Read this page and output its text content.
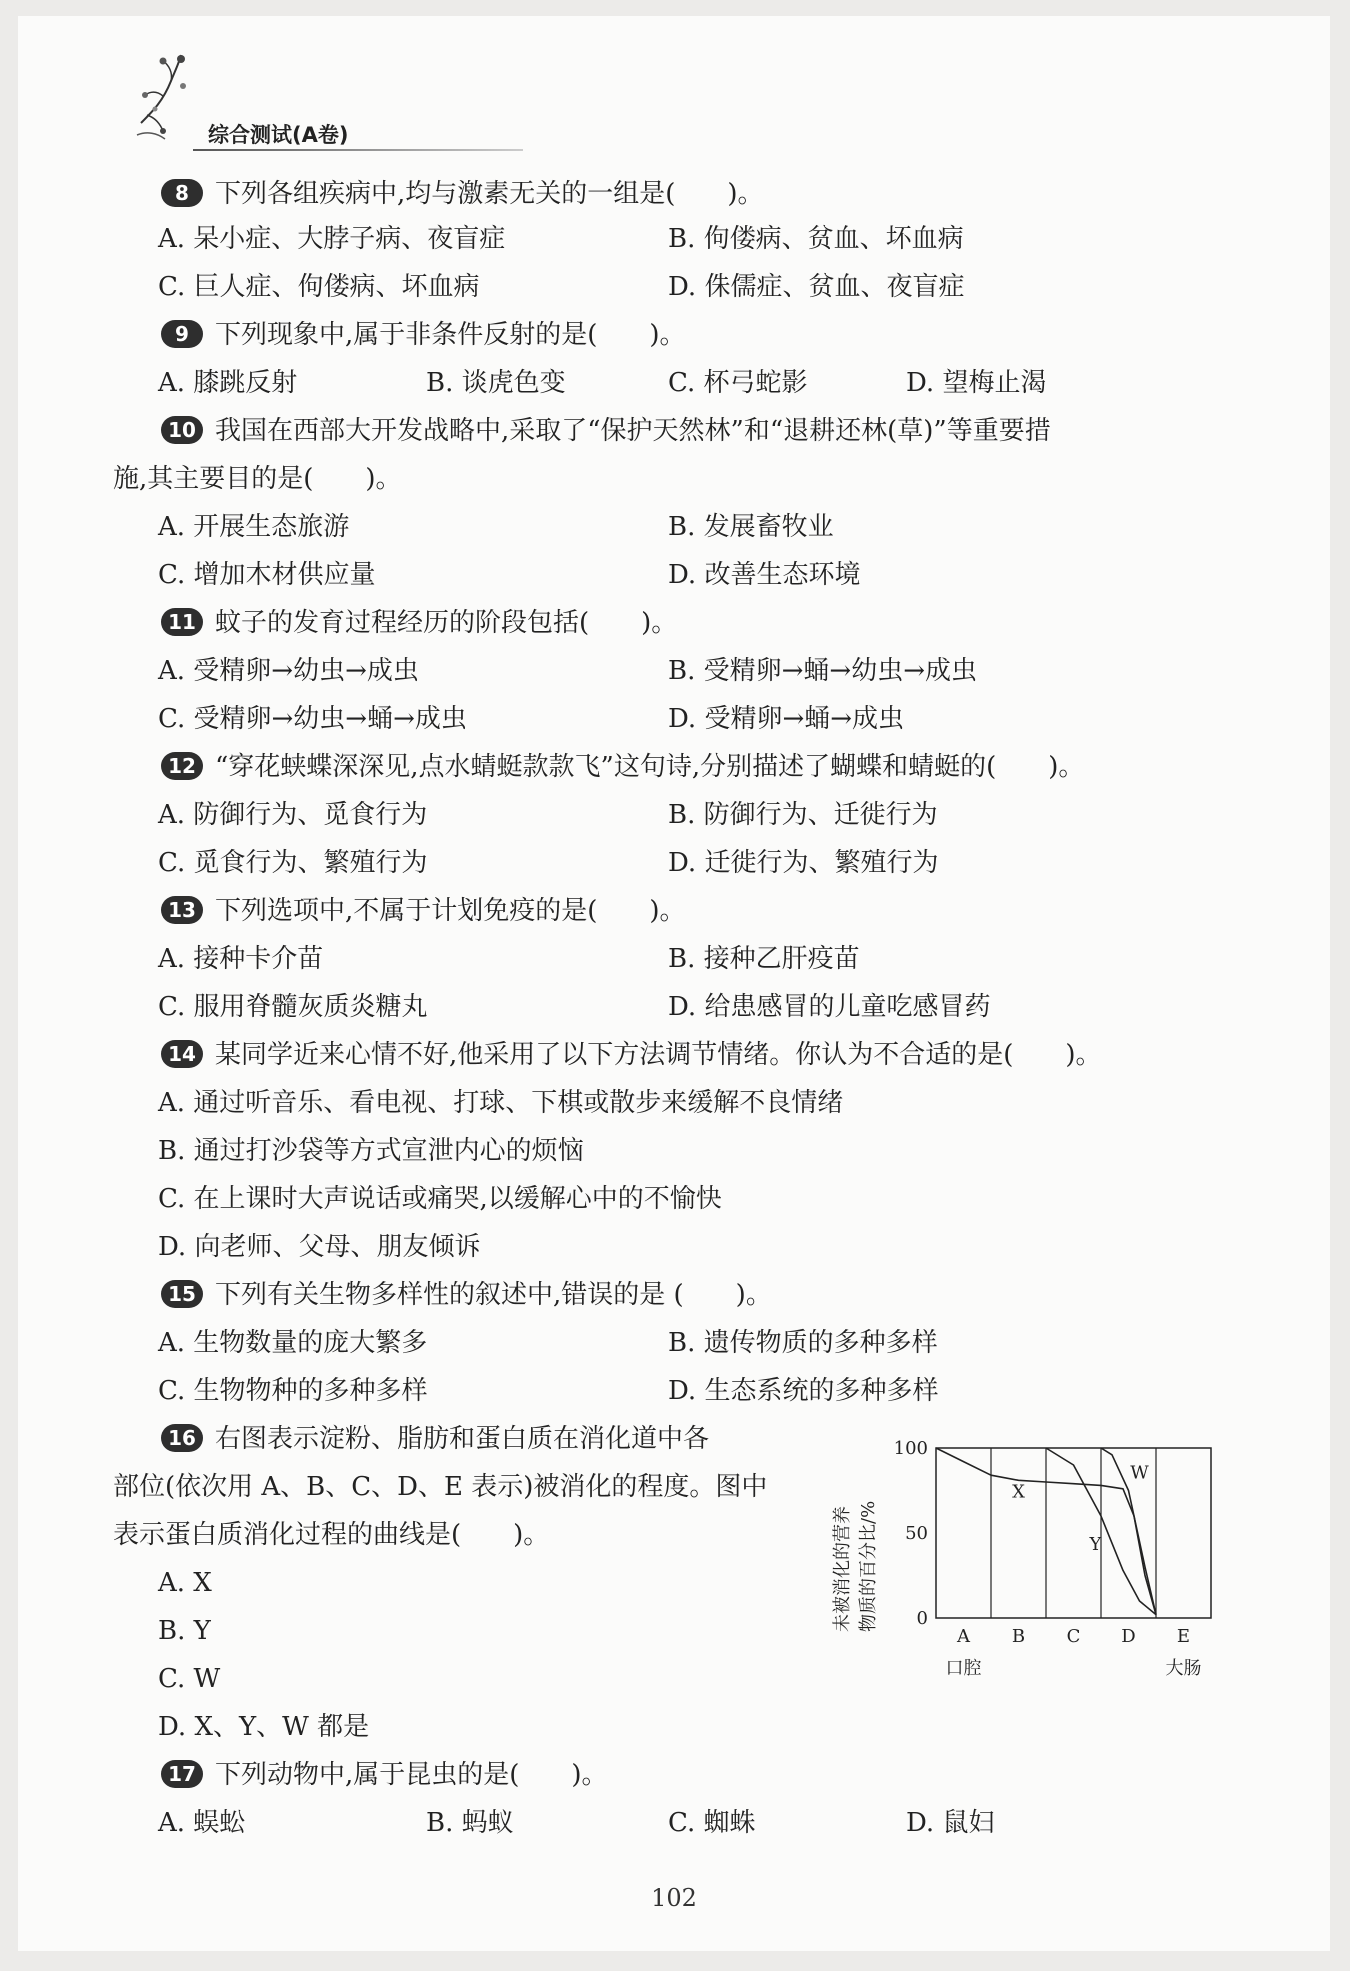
综合测试(A卷)
8 下列各组疾病中,均与激素无关的一组是(　　)。
A. 呆小症、大脖子病、夜盲症	B. 佝偻病、贫血、坏血病
C. 巨人症、佝偻病、坏血病	D. 侏儒症、贫血、夜盲症
9 下列现象中,属于非条件反射的是(　　)。
A. 膝跳反射	B. 谈虎色变	C. 杯弓蛇影	D. 望梅止渴
10 我国在西部大开发战略中,采取了“保护天然林”和“退耕还林(草)”等重要措
施,其主要目的是(　　)。
A. 开展生态旅游	B. 发展畜牧业
C. 增加木材供应量	D. 改善生态环境
11 蚊子的发育过程经历的阶段包括(　　)。
A. 受精卵→幼虫→成虫	B. 受精卵→蛹→幼虫→成虫
C. 受精卵→幼虫→蛹→成虫	D. 受精卵→蛹→成虫
12 “穿花蛱蝶深深见,点水蜻蜓款款飞”这句诗,分别描述了蝴蝶和蜻蜓的(　　)。
A. 防御行为、觅食行为	B. 防御行为、迁徙行为
C. 觅食行为、繁殖行为	D. 迁徙行为、繁殖行为
13 下列选项中,不属于计划免疫的是(　　)。
A. 接种卡介苗	B. 接种乙肝疫苗
C. 服用脊髓灰质炎糖丸	D. 给患感冒的儿童吃感冒药
14 某同学近来心情不好,他采用了以下方法调节情绪。你认为不合适的是(　　)。
A. 通过听音乐、看电视、打球、下棋或散步来缓解不良情绪
B. 通过打沙袋等方式宣泄内心的烦恼
C. 在上课时大声说话或痛哭,以缓解心中的不愉快
D. 向老师、父母、朋友倾诉
15 下列有关生物多样性的叙述中,错误的是 (　　)。
A. 生物数量的庞大繁多	B. 遗传物质的多种多样
C. 生物物种的多种多样	D. 生态系统的多种多样
16 右图表示淀粉、脂肪和蛋白质在消化道中各
部位(依次用 A、B、C、D、E 表示)被消化的程度。图中
表示蛋白质消化过程的曲线是(　　)。
A. X
B. Y
C. W
D. X、Y、W 都是
未被消化的营养 物质的百分比/%
100
50
0
A B C D E
口腔	大肠
X
Y
W
17 下列动物中,属于昆虫的是(　　)。
A. 蜈蚣	B. 蚂蚁	C. 蜘蛛	D. 鼠妇
102
